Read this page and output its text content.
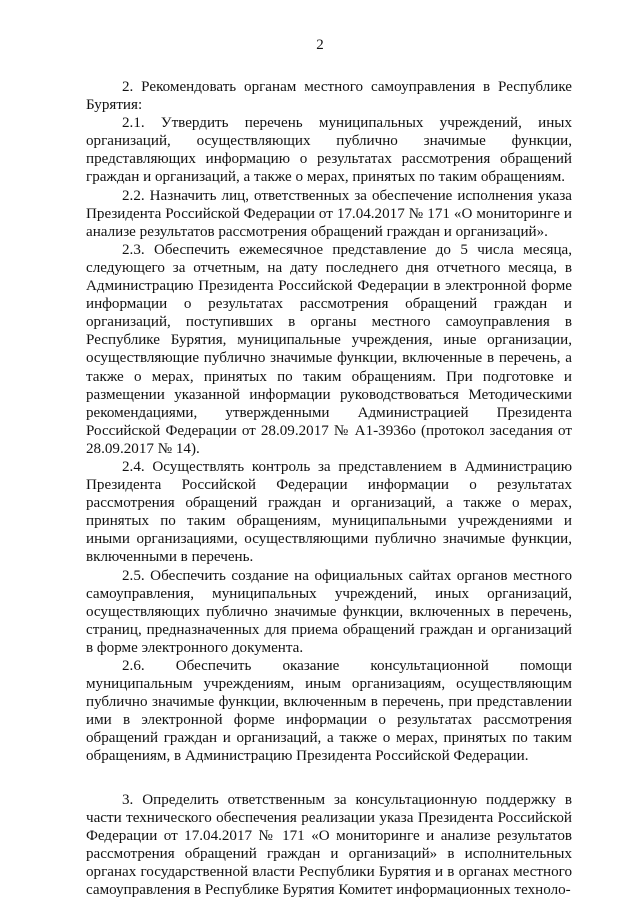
2

2. Рекомендовать органам местного самоуправления в Республике Бурятия:

2.1. Утвердить перечень муниципальных учреждений, иных организаций, осуществляющих публично значимые функции, представляющих информацию о результатах рассмотрения обращений граждан и организаций, а также о мерах, принятых по таким обращениям.

2.2. Назначить лиц, ответственных за обеспечение исполнения указа Президента Российской Федерации от 17.04.2017 № 171 «О мониторинге и анализе результатов рассмотрения обращений граждан и организаций».

2.3. Обеспечить ежемесячное представление до 5 числа месяца, следующего за отчетным, на дату последнего дня отчетного месяца, в Администрацию Президента Российской Федерации в электронной форме информации о результатах рассмотрения обращений граждан и организаций, поступивших в органы местного самоуправления в Республике Бурятия, муниципальные учреждения, иные организации, осуществляющие публично значимые функции, включенные в перечень, а также о мерах, принятых по таким обращениям. При подготовке и размещении указанной информации руководствоваться Методическими рекомендациями, утвержденными Администрацией Президента Российской Федерации от 28.09.2017 № А1-3936о (протокол заседания от 28.09.2017 № 14).

2.4. Осуществлять контроль за представлением в Администрацию Президента Российской Федерации информации о результатах рассмотрения обращений граждан и организаций, а также о мерах, принятых по таким обращениям, муниципальными учреждениями и иными организациями, осуществляющими публично значимые функции, включенными в перечень.

2.5. Обеспечить создание на официальных сайтах органов местного самоуправления, муниципальных учреждений, иных организаций, осуществляющих публично значимые функции, включенных в перечень, страниц, предназначенных для приема обращений граждан и организаций в форме электронного документа.

2.6. Обеспечить оказание консультационной помощи муниципальным учреждениям, иным организациям, осуществляющим публично значимые функции, включенным в перечень, при представлении ими в электронной форме информации о результатах рассмотрения обращений граждан и организаций, а также о мерах, принятых по таким обращениям, в Администрацию Президента Российской Федерации.

3. Определить ответственным за консультационную поддержку в части технического обеспечения реализации указа Президента Российской Федерации от 17.04.2017 № 171 «О мониторинге и анализе результатов рассмотрения обращений граждан и организаций» в исполнительных органах государственной власти Республики Бурятия и в органах местного самоуправления в Республике Бурятия Комитет информационных техноло-
